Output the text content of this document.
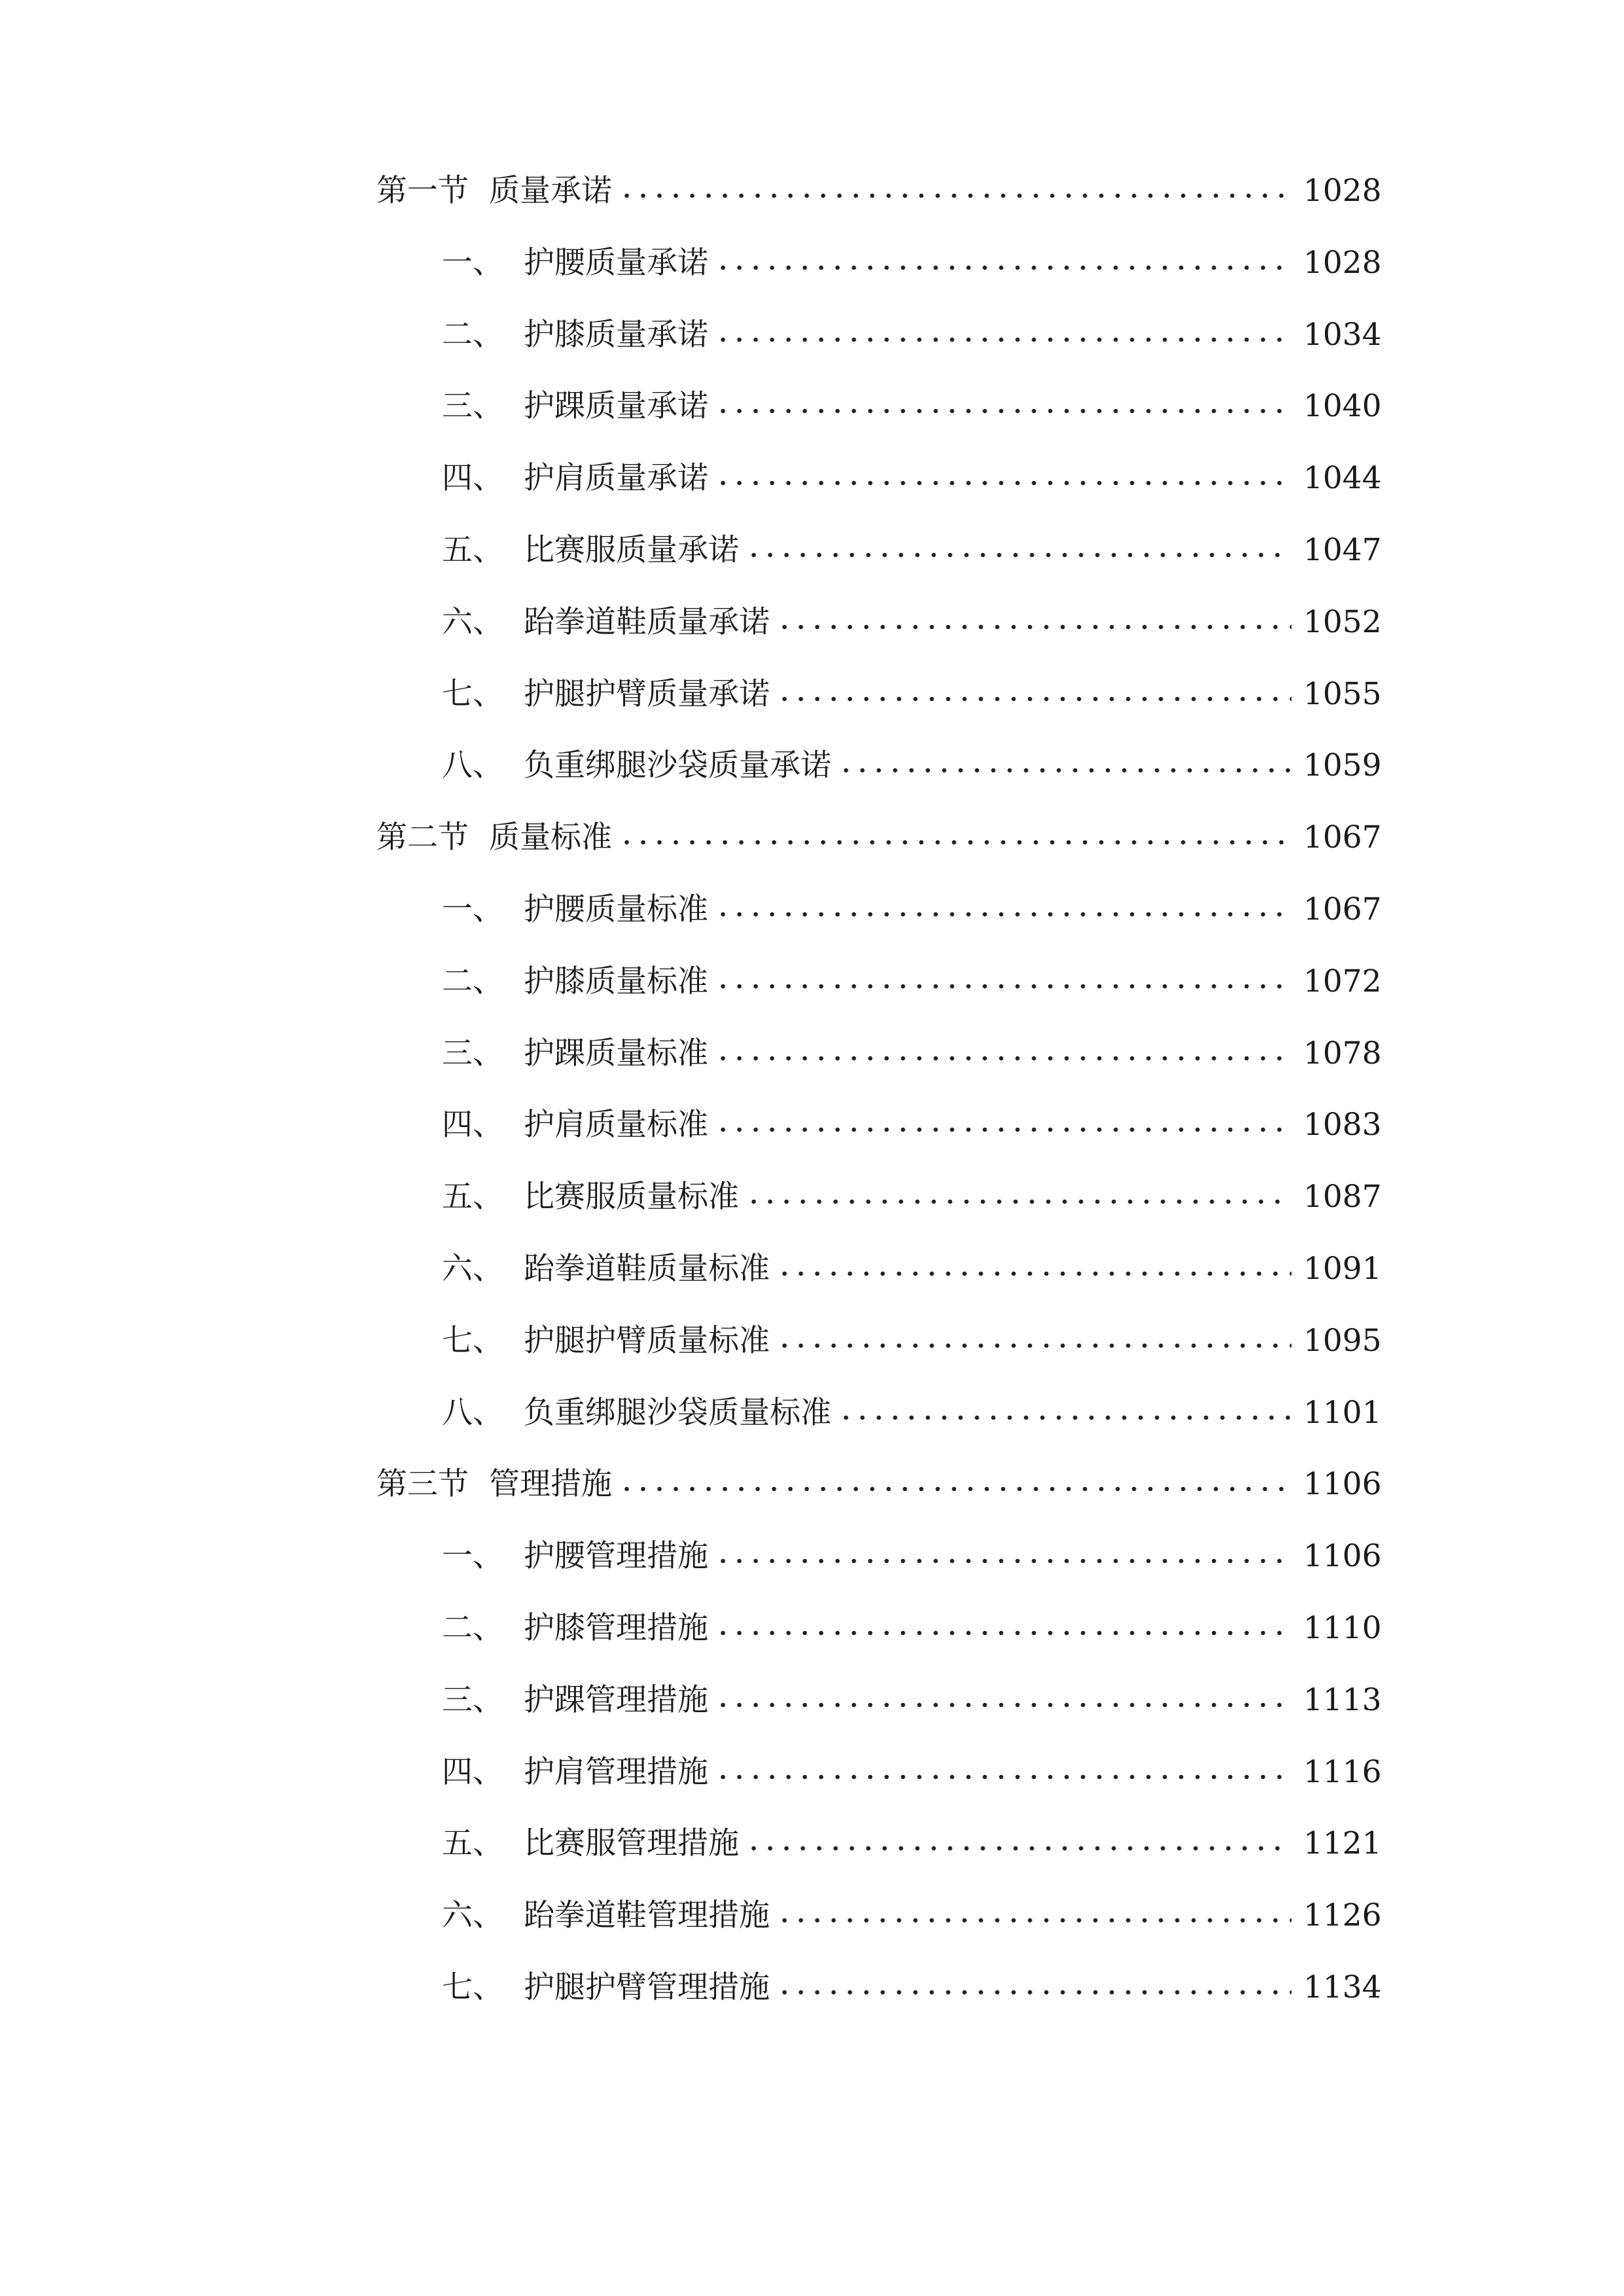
第一节 质量承诺	1028
一、 护腰质量承诺	1028
二、 护膝质量承诺	1034
三、 护踝质量承诺	1040
四、 护肩质量承诺	1044
五、 比赛服质量承诺	1047
六、 跆拳道鞋质量承诺	1052
七、 护腿护臂质量承诺	1055
八、 负重绑腿沙袋质量承诺	1059
第二节 质量标准	1067
一、 护腰质量标准	1067
二、 护膝质量标准	1072
三、 护踝质量标准	1078
四、 护肩质量标准	1083
五、 比赛服质量标准	1087
六、 跆拳道鞋质量标准	1091
七、 护腿护臂质量标准	1095
八、 负重绑腿沙袋质量标准	1101
第三节 管理措施	1106
一、 护腰管理措施	1106
二、 护膝管理措施	1110
三、 护踝管理措施	1113
四、 护肩管理措施	1116
五、 比赛服管理措施	1121
六、 跆拳道鞋管理措施	1126
七、 护腿护臂管理措施	1134
